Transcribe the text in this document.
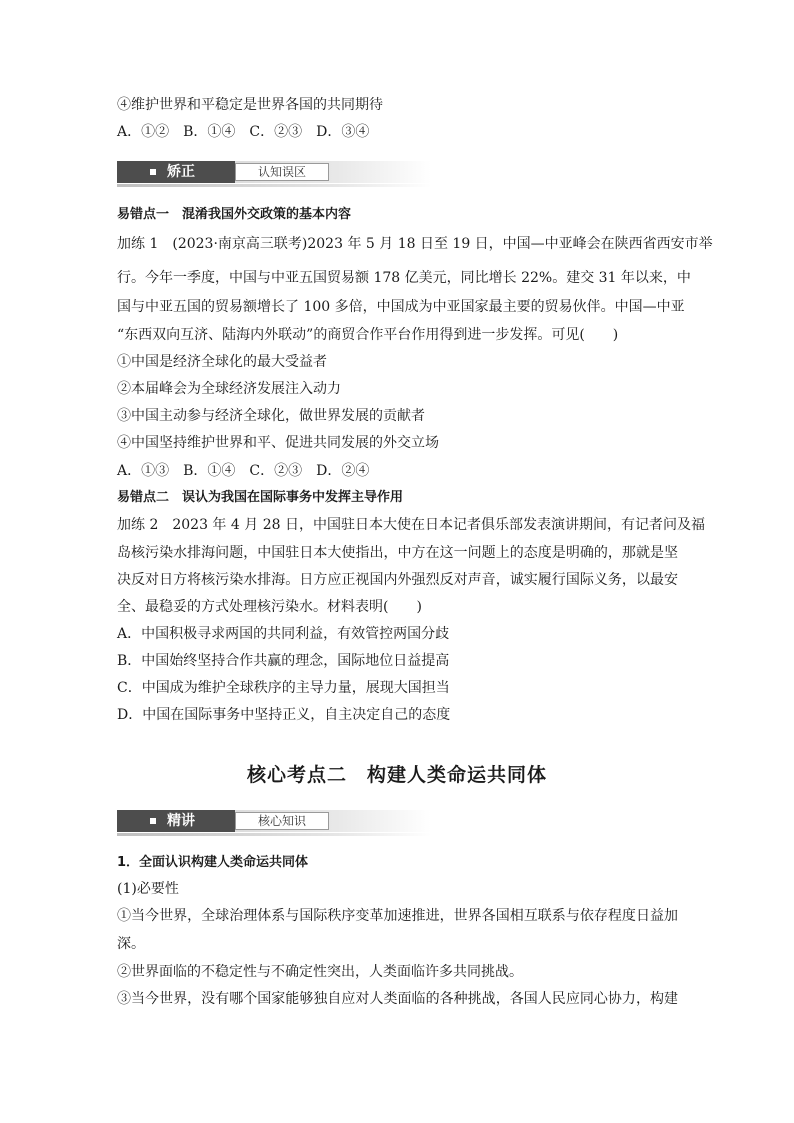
④维护世界和平稳定是世界各国的共同期待
A．①②　B．①④　C．②③　D．③④
矫正	认知误区
易错点一　混淆我国外交政策的基本内容
加练 1　(2023·南京高三联考)2023 年 5 月 18 日至 19 日，中国—中亚峰会在陕西省西安市举
行。今年一季度，中国与中亚五国贸易额 178 亿美元，同比增长 22%。建交 31 年以来，中
国与中亚五国的贸易额增长了 100 多倍，中国成为中亚国家最主要的贸易伙伴。中国—中亚
“东西双向互济、陆海内外联动”的商贸合作平台作用得到进一步发挥。可见(　　)
①中国是经济全球化的最大受益者
②本届峰会为全球经济发展注入动力
③中国主动参与经济全球化，做世界发展的贡献者
④中国坚持维护世界和平、促进共同发展的外交立场
A．①③　B．①④　C．②③　D．②④
易错点二　误认为我国在国际事务中发挥主导作用
加练 2　2023 年 4 月 28 日，中国驻日本大使在日本记者俱乐部发表演讲期间，有记者问及福
岛核污染水排海问题，中国驻日本大使指出，中方在这一问题上的态度是明确的，那就是坚
决反对日方将核污染水排海。日方应正视国内外强烈反对声音，诚实履行国际义务，以最安
全、最稳妥的方式处理核污染水。材料表明(　　)
A．中国积极寻求两国的共同利益，有效管控两国分歧
B．中国始终坚持合作共赢的理念，国际地位日益提高
C．中国成为维护全球秩序的主导力量，展现大国担当
D．中国在国际事务中坚持正义，自主决定自己的态度
核心考点二　构建人类命运共同体
精讲	核心知识
1．全面认识构建人类命运共同体
(1)必要性
①当今世界，全球治理体系与国际秩序变革加速推进，世界各国相互联系与依存程度日益加
深。
②世界面临的不稳定性与不确定性突出，人类面临许多共同挑战。
③当今世界，没有哪个国家能够独自应对人类面临的各种挑战，各国人民应同心协力，构建
